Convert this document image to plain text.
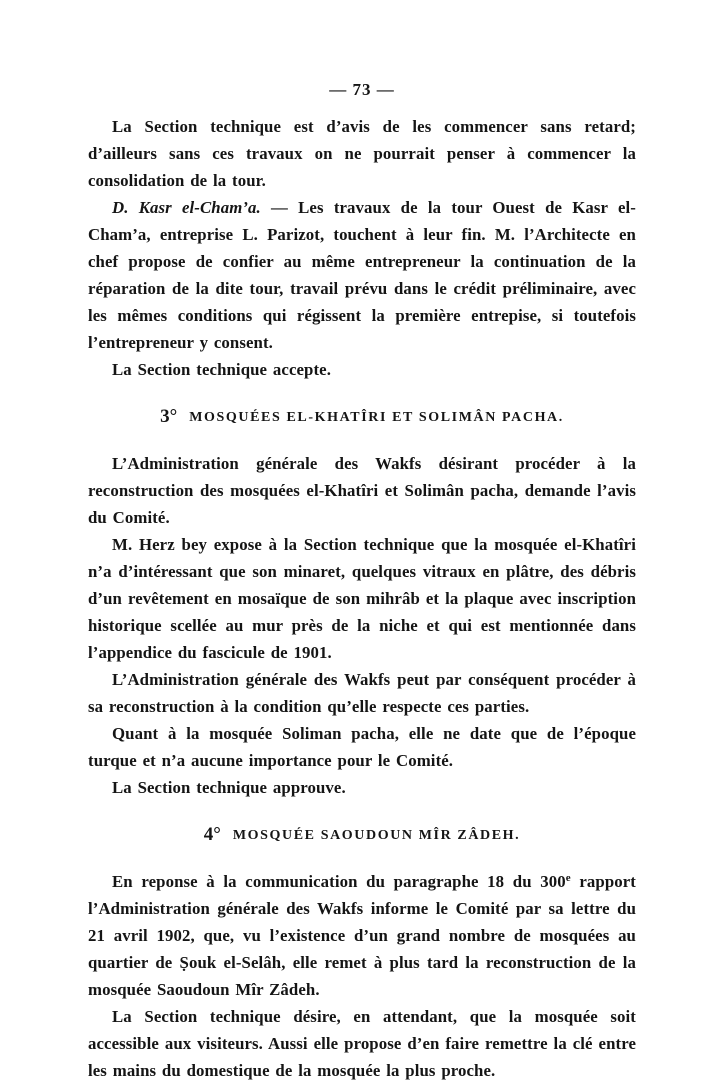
— 73 —

La Section technique est d’avis de les commencer sans retard; d’ailleurs sans ces travaux on ne pourrait penser à commencer la consolidation de la tour.

D. Kasr el-Cham’a. — Les travaux de la tour Ouest de Kasr el-Cham’a, entreprise L. Parizot, touchent à leur fin. M. l’Architecte en chef propose de confier au même entrepreneur la continuation de la réparation de la dite tour, travail prévu dans le crédit préliminaire, avec les mêmes conditions qui régissent la première entrepise, si toutefois l’entrepreneur y consent.

La Section technique accepte.

3° MOSQUÉES EL-KHATÎRI ET SOLIMÂN PACHA.

L’Administration générale des Wakfs désirant procéder à la reconstruction des mosquées el-Khatîri et Solimân pacha, demande l’avis du Comité.

M. Herz bey expose à la Section technique que la mosquée el-Khatîri n’a d’intéressant que son minaret, quelques vitraux en plâtre, des débris d’un revêtement en mosaïque de son mihrâb et la plaque avec inscription historique scellée au mur près de la niche et qui est mentionnée dans l’appendice du fascicule de 1901.

L’Administration générale des Wakfs peut par conséquent procéder à sa reconstruction à la condition qu’elle respecte ces parties.

Quant à la mosquée Soliman pacha, elle ne date que de l’époque turque et n’a aucune importance pour le Comité.

La Section technique approuve.

4° MOSQUÉE SAOUDOUN MÎR ZÂDEH.

En reponse à la communication du paragraphe 18 du 300e rapport l’Administration générale des Wakfs informe le Comité par sa lettre du 21 avril 1902, que, vu l’existence d’un grand nombre de mosquées au quartier de Ṣouk el-Selâh, elle remet à plus tard la reconstruction de la mosquée Saoudoun Mîr Zâdeh.

La Section technique désire, en attendant, que la mosquée soit accessible aux visiteurs. Aussi elle propose d’en faire remettre la clé entre les mains du domestique de la mosquée la plus proche.
